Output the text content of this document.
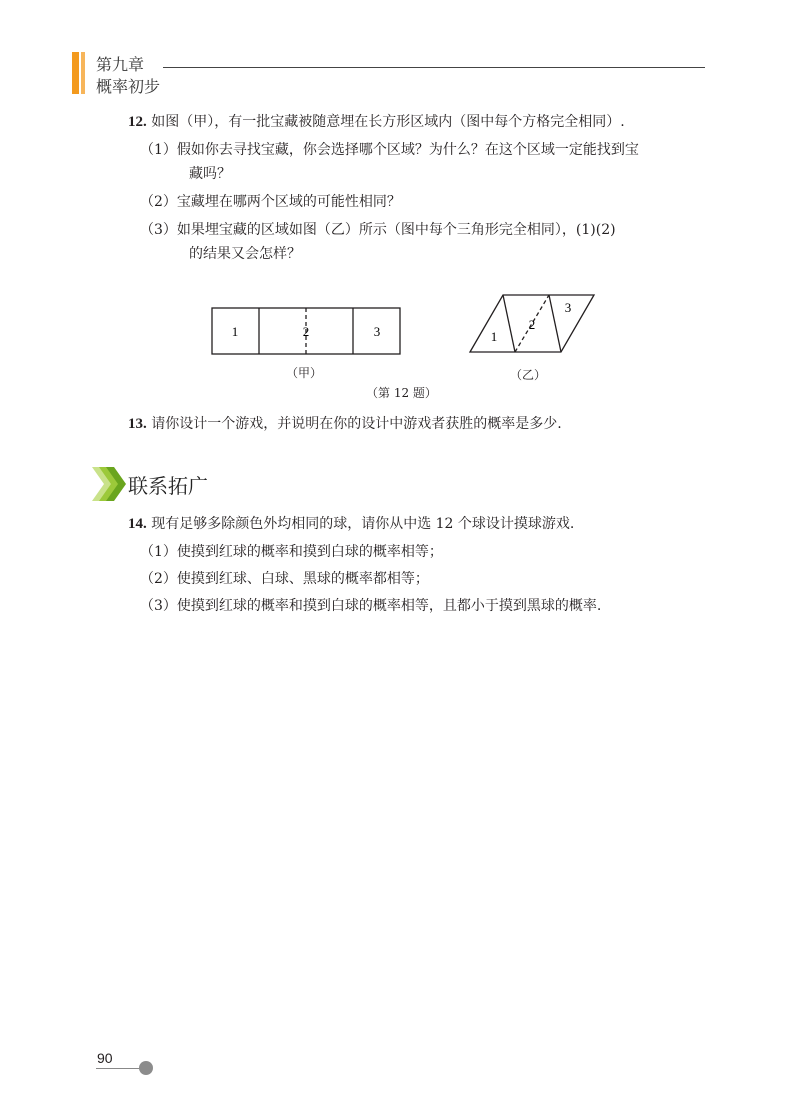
第九章
概率初步
12. 如图（甲），有一批宝藏被随意埋在长方形区域内（图中每个方格完全相同）.
（1）假如你去寻找宝藏，你会选择哪个区域？为什么？在这个区域一定能找到宝
藏吗？
（2）宝藏埋在哪两个区域的可能性相同？
（3）如果埋宝藏的区域如图（乙）所示（图中每个三角形完全相同），(1)(2)
的结果又会怎样？
1	2	3	1
2
3
（甲）	（乙）
（第 12 题）
13. 请你设计一个游戏，并说明在你的设计中游戏者获胜的概率是多少.
联系拓广
14. 现有足够多除颜色外均相同的球，请你从中选 12 个球设计摸球游戏.
（1）使摸到红球的概率和摸到白球的概率相等；
（2）使摸到红球、白球、黑球的概率都相等；
（3）使摸到红球的概率和摸到白球的概率相等，且都小于摸到黑球的概率.
90
